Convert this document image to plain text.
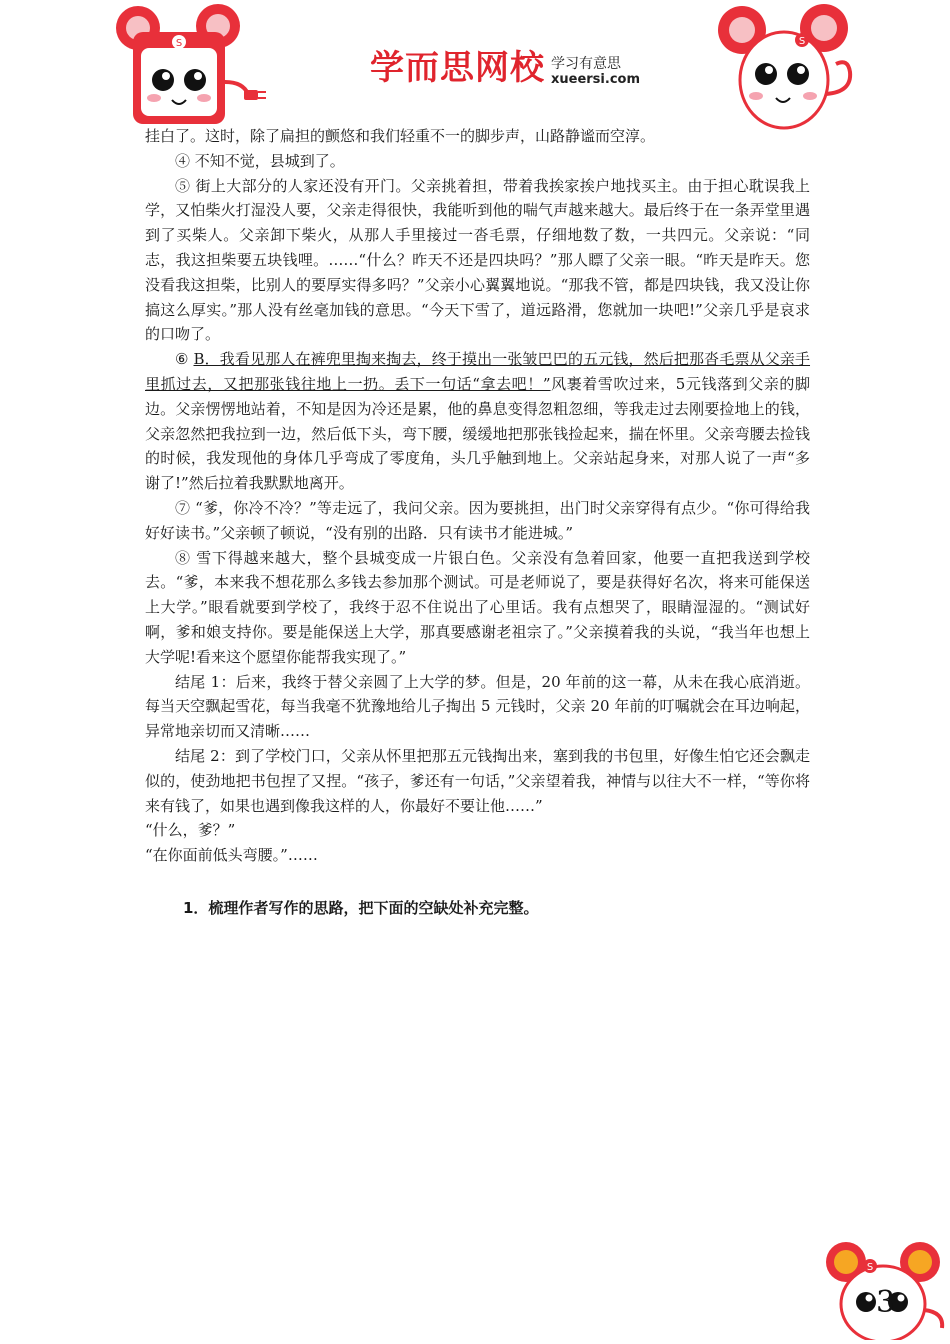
S
学而思网校 学习有意思
xueersi.com
S

挂白了。这时，除了扁担的颤悠和我们轻重不一的脚步声，山路静谧而空淳。

④ 不知不觉，县城到了。

⑤ 街上大部分的人家还没有开门。父亲挑着担，带着我挨家挨户地找买主。由于担心耽误我上学，又怕柴火打湿没人要，父亲走得很快，我能听到他的喘气声越来越大。最后终于在一条弄堂里遇到了买柴人。父亲卸下柴火，从那人手里接过一沓毛票，仔细地数了数，一共四元。父亲说：“同志，我这担柴要五块钱哩。……“什么？昨天不还是四块吗？”那人瞟了父亲一眼。“昨天是昨天。您没看我这担柴，比别人的要厚实得多吗？”父亲小心翼翼地说。“那我不管，都是四块钱，我又没让你搞这么厚实。”那人没有丝毫加钱的意思。“今天下雪了，道远路滑，您就加一块吧!”父亲几乎是哀求的口吻了。

⑥ B．我看见那人在裤兜里掏来掏去，终于摸出一张皱巴巴的五元钱，然后把那沓毛票从父亲手里抓过去，又把那张钱往地上一扔。丢下一句话“拿去吧！”风裹着雪吹过来，5元钱落到父亲的脚边。父亲愣愣地站着，不知是因为冷还是累，他的鼻息变得忽粗忽细，等我走过去刚要捡地上的钱，父亲忽然把我拉到一边，然后低下头，弯下腰，缓缓地把那张钱捡起来，揣在怀里。父亲弯腰去捡钱的时候，我发现他的身体几乎弯成了零度角，头几乎触到地上。父亲站起身来，对那人说了一声“多谢了!”然后拉着我默默地离开。

⑦ “爹，你冷不冷？”等走远了，我问父亲。因为要挑担，出门时父亲穿得有点少。“你可得给我好好读书。”父亲顿了顿说，“没有别的出路．只有读书才能进城。”

⑧ 雪下得越来越大，整个县城变成一片银白色。父亲没有急着回家，他要一直把我送到学校去。“爹，本来我不想花那么多钱去参加那个测试。可是老师说了，要是获得好名次，将来可能保送上大学。”眼看就要到学校了，我终于忍不住说出了心里话。我有点想哭了，眼睛湿湿的。“测试好啊，爹和娘支持你。要是能保送上大学，那真要感谢老祖宗了。”父亲摸着我的头说，“我当年也想上大学呢!看来这个愿望你能帮我实现了。”

结尾 1：后来，我终于替父亲圆了上大学的梦。但是，20 年前的这一幕，从未在我心底消逝。每当天空飘起雪花，每当我毫不犹豫地给儿子掏出 5 元钱时，父亲 20 年前的叮嘱就会在耳边响起，异常地亲切而又清晰……

结尾 2：到了学校门口，父亲从怀里把那五元钱掏出来，塞到我的书包里，好像生怕它还会飘走似的，使劲地把书包捏了又捏。“孩子，爹还有一句话，”父亲望着我，神情与以往大不一样，“等你将来有钱了，如果也遇到像我这样的人，你最好不要让他……”

“什么，爹？”

“在你面前低头弯腰。”……

1．梳理作者写作的思路，把下面的空缺处补充完整。
S
3
